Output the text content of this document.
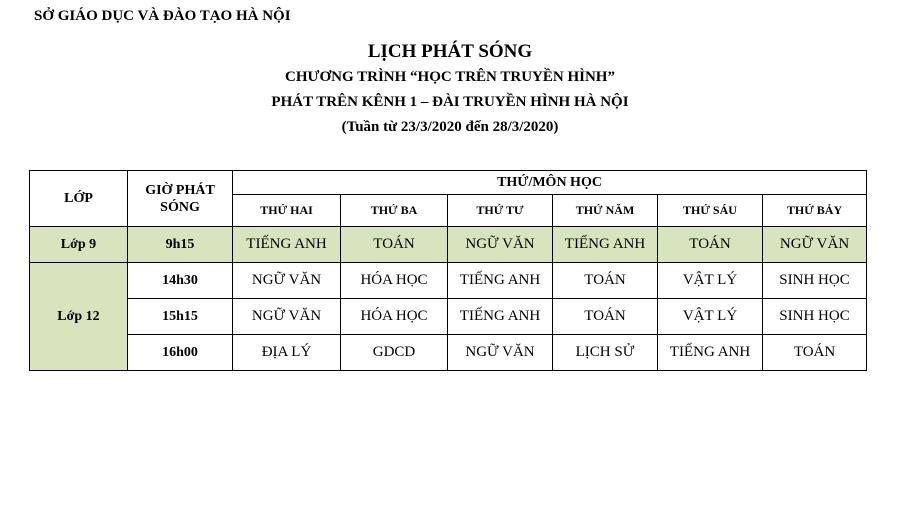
SỞ GIÁO DỤC VÀ ĐÀO TẠO HÀ NỘI
LỊCH PHÁT SÓNG
CHƯƠNG TRÌNH “HỌC TRÊN TRUYỀN HÌNH”
PHÁT TRÊN KÊNH 1 – ĐÀI TRUYỀN HÌNH HÀ NỘI
(Tuần từ 23/3/2020 đến 28/3/2020)
LỚP	GIỜ PHÁT SÓNG	THỨ/MÔN HỌC					
		THỨ HAI	THỨ BA	THỨ TƯ	THỨ NĂM	THỨ SÁU	THỨ BẢY
Lớp 9	9h15	TIẾNG ANH	TOÁN	NGỮ VĂN	TIẾNG ANH	TOÁN	NGỮ VĂN
Lớp 12	14h30	NGỮ VĂN	HÓA HỌC	TIẾNG ANH	TOÁN	VẬT LÝ	SINH HỌC
	15h15	NGỮ VĂN	HÓA HỌC	TIẾNG ANH	TOÁN	VẬT LÝ	SINH HỌC
	16h00	ĐỊA LÝ	GDCD	NGỮ VĂN	LỊCH SỬ	TIẾNG ANH	TOÁN
